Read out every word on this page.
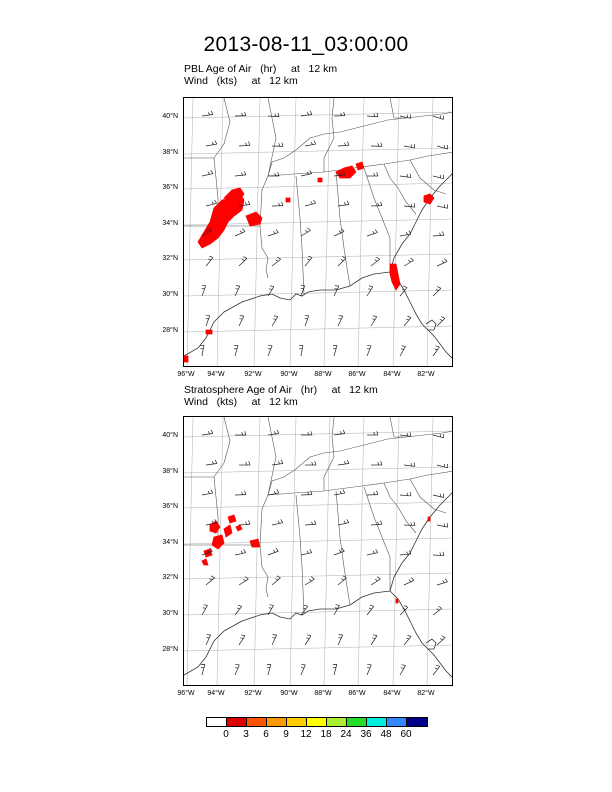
2013-08-11_03:00:00
PBL Age of Air   (hr)     at   12 km
Wind   (kts)     at   12 km
40°N
38°N
36°N
34°N
32°N
30°N
28°N
96°W	94°W	92°W	90°W	88°W	86°W	84°W	82°W
Stratosphere Age of Air   (hr)     at   12 km
Wind   (kts)     at   12 km
40°N
38°N
36°N
34°N
32°N
30°N
28°N
96°W	94°W	92°W	90°W	88°W	86°W	84°W	82°W
0	3	6	9	12 18 24 36 48 60
